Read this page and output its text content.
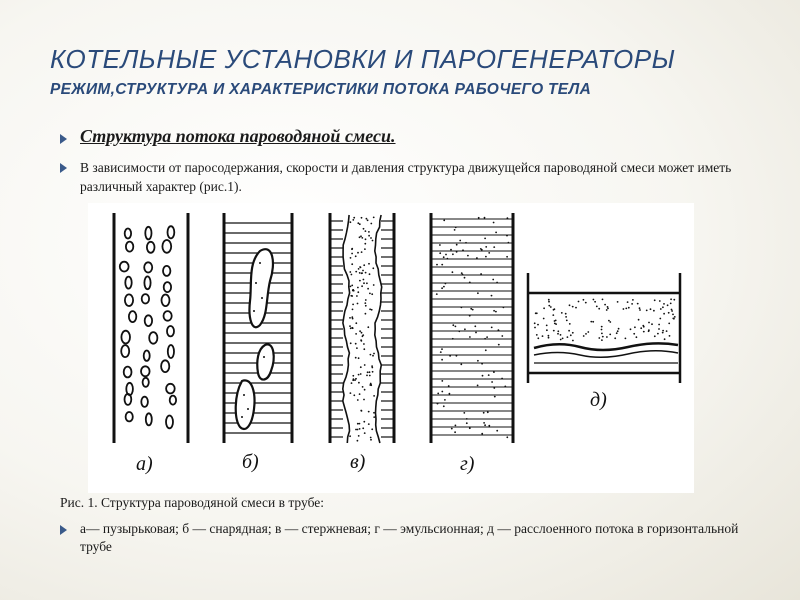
КОТЕЛЬНЫЕ УСТАНОВКИ И ПАРОГЕНЕРАТОРЫ
РЕЖИМ,СТРУКТУРА И ХАРАКТЕРИСТИКИ ПОТОКА РАБОЧЕГО ТЕЛА
Структура потока пароводяной смеси.
В зависимости от паросодержания, скорости и давления структура движущейся пароводяной смеси может иметь различный характер (рис.1).
а)	б)	в)	г)
д)
Рис. 1. Структура пароводяной смеси в трубе:
а— пузырьковая; б — снарядная; в — стержневая; г — эмульсионная; д — расслоенного потока в горизонтальной трубе
